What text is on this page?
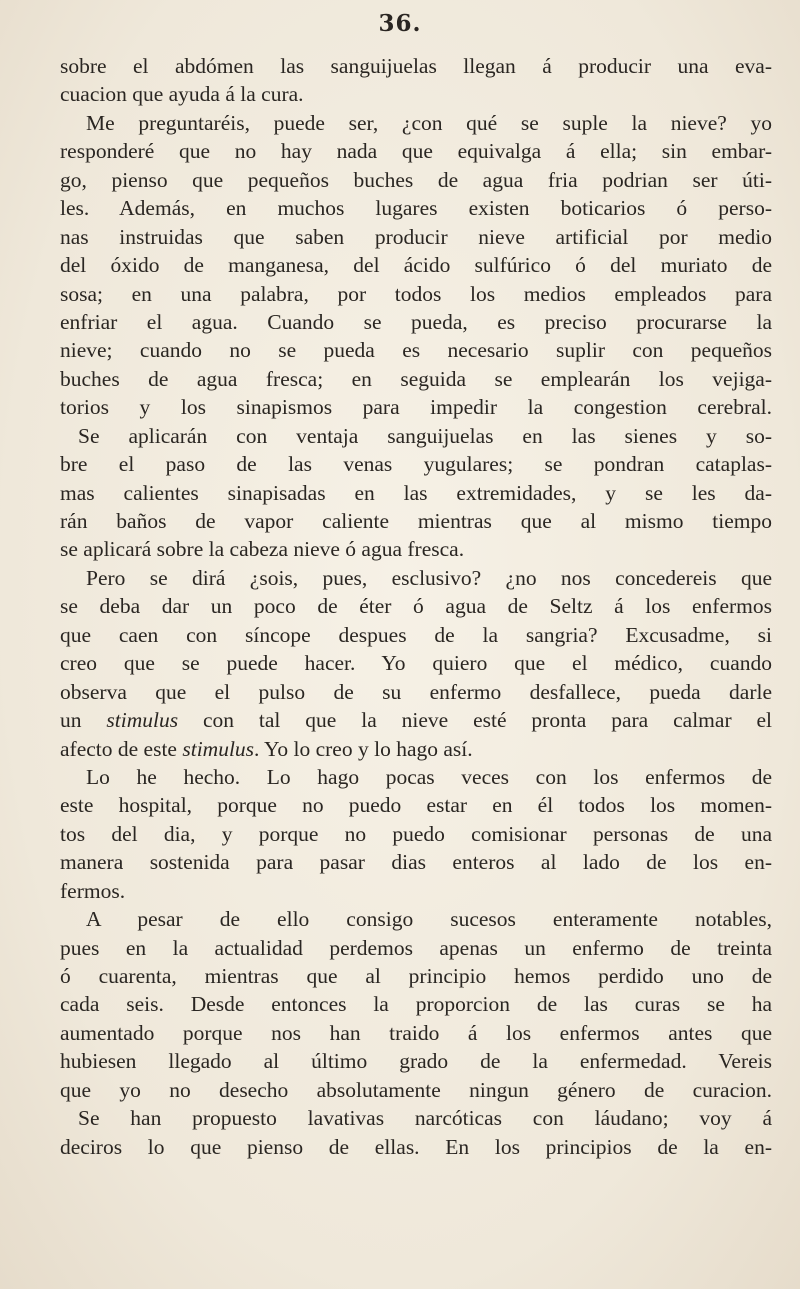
36.
sobre el abdómen las sanguijuelas llegan á producir una eva-
cuacion que ayuda á la cura.
Me preguntaréis, puede ser, ¿con qué se suple la nieve? yo
responderé que no hay nada que equivalga á ella; sin embar-
go, pienso que pequeños buches de agua fria podrian ser úti-
les. Además, en muchos lugares existen boticarios ó perso-
nas instruidas que saben producir nieve artificial por medio
del óxido de manganesa, del ácido sulfúrico ó del muriato de
sosa; en una palabra, por todos los medios empleados para
enfriar el agua. Cuando se pueda, es preciso procurarse la
nieve; cuando no se pueda es necesario suplir con pequeños
buches de agua fresca; en seguida se emplearán los vejiga-
torios y los sinapismos para impedir la congestion cerebral.
Se aplicarán con ventaja sanguijuelas en las sienes y so-
bre el paso de las venas yugulares; se pondran cataplas-
mas calientes sinapisadas en las extremidades, y se les da-
rán baños de vapor caliente mientras que al mismo tiempo
se aplicará sobre la cabeza nieve ó agua fresca.
Pero se dirá ¿sois, pues, esclusivo? ¿no nos concedereis que
se deba dar un poco de éter ó agua de Seltz á los enfermos
que caen con síncope despues de la sangria? Excusadme, si
creo que se puede hacer. Yo quiero que el médico, cuando
observa que el pulso de su enfermo desfallece, pueda darle
un stimulus con tal que la nieve esté pronta para calmar el
afecto de este stimulus. Yo lo creo y lo hago así.
Lo he hecho. Lo hago pocas veces con los enfermos de
este hospital, porque no puedo estar en él todos los momen-
tos del dia, y porque no puedo comisionar personas de una
manera sostenida para pasar dias enteros al lado de los en-
fermos.
A pesar de ello consigo sucesos enteramente notables,
pues en la actualidad perdemos apenas un enfermo de treinta
ó cuarenta, mientras que al principio hemos perdido uno de
cada seis. Desde entonces la proporcion de las curas se ha
aumentado porque nos han traido á los enfermos antes que
hubiesen llegado al último grado de la enfermedad. Vereis
que yo no desecho absolutamente ningun género de curacion.
Se han propuesto lavativas narcóticas con láudano; voy á
deciros lo que pienso de ellas. En los principios de la en-
